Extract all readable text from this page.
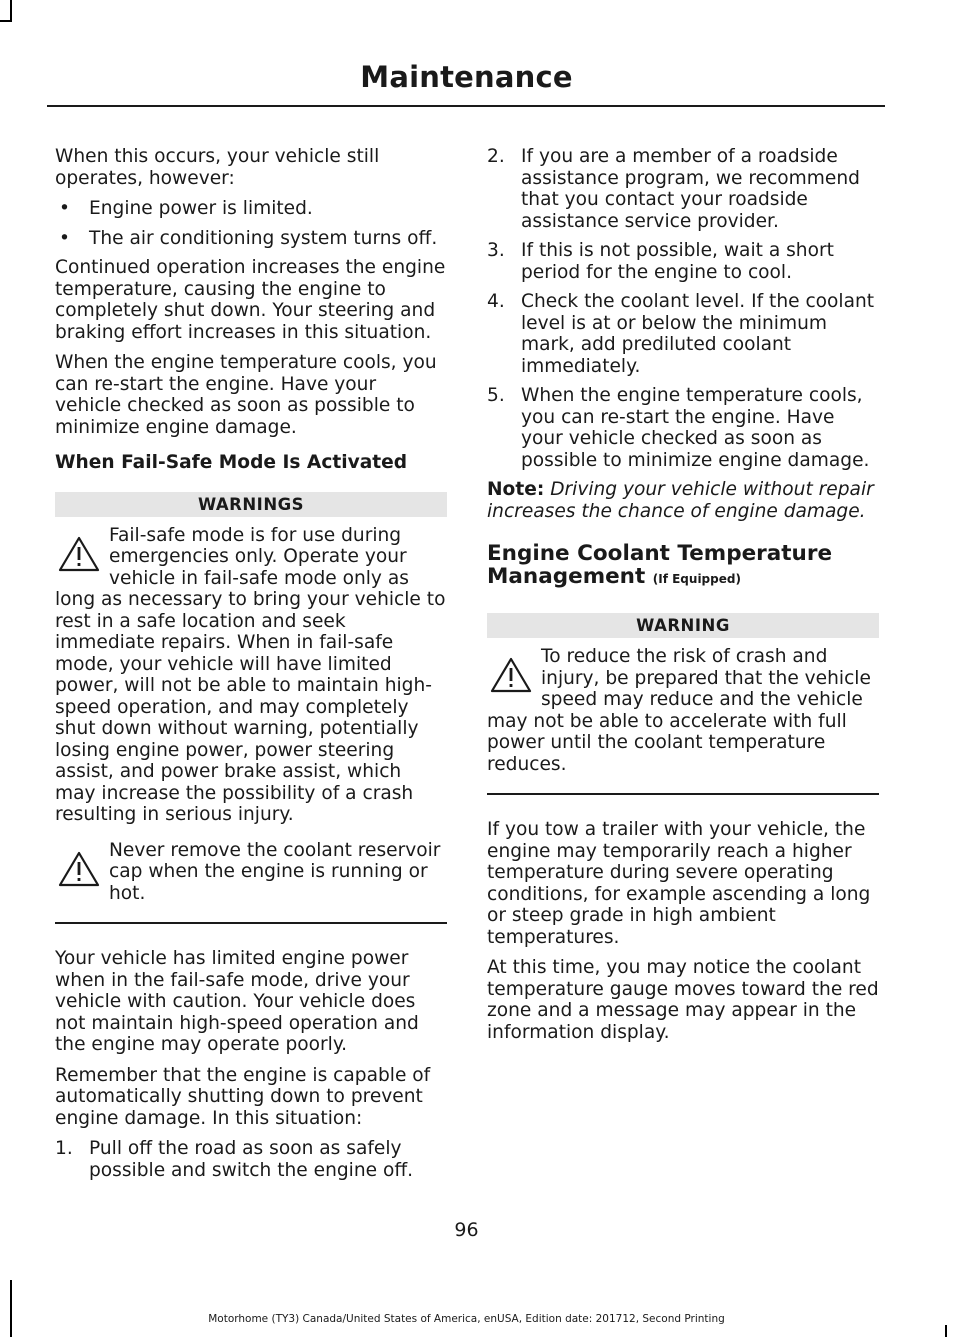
Maintenance

When this occurs, your vehicle still operates, however:

• Engine power is limited.
• The air conditioning system turns off.

Continued operation increases the engine temperature, causing the engine to completely shut down. Your steering and braking effort increases in this situation.

When the engine temperature cools, you can re-start the engine. Have your vehicle checked as soon as possible to minimize engine damage.

When Fail-Safe Mode Is Activated
WARNINGS
Fail-safe mode is for use during emergencies only. Operate your vehicle in fail-safe mode only as long as necessary to bring your vehicle to rest in a safe location and seek immediate repairs. When in fail-safe mode, your vehicle will have limited power, will not be able to maintain high-speed operation, and may completely shut down without warning, potentially losing engine power, power steering assist, and power brake assist, which may increase the possibility of a crash resulting in serious injury.
Never remove the coolant reservoir cap when the engine is running or hot.

Your vehicle has limited engine power when in the fail-safe mode, drive your vehicle with caution. Your vehicle does not maintain high-speed operation and the engine may operate poorly.

Remember that the engine is capable of automatically shutting down to prevent engine damage. In this situation:

1. Pull off the road as soon as safely possible and switch the engine off.
2. If you are a member of a roadside assistance program, we recommend that you contact your roadside assistance service provider.
3. If this is not possible, wait a short period for the engine to cool.
4. Check the coolant level. If the coolant level is at or below the minimum mark, add prediluted coolant immediately.
5. When the engine temperature cools, you can re-start the engine. Have your vehicle checked as soon as possible to minimize engine damage.

Note: Driving your vehicle without repair increases the chance of engine damage.

Engine Coolant Temperature Management (If Equipped)
WARNING
To reduce the risk of crash and injury, be prepared that the vehicle speed may reduce and the vehicle may not be able to accelerate with full power until the coolant temperature reduces.

If you tow a trailer with your vehicle, the engine may temporarily reach a higher temperature during severe operating conditions, for example ascending a long or steep grade in high ambient temperatures.

At this time, you may notice the coolant temperature gauge moves toward the red zone and a message may appear in the information display.

96
Motorhome (TY3) Canada/United States of America, enUSA, Edition date: 201712, Second Printing
